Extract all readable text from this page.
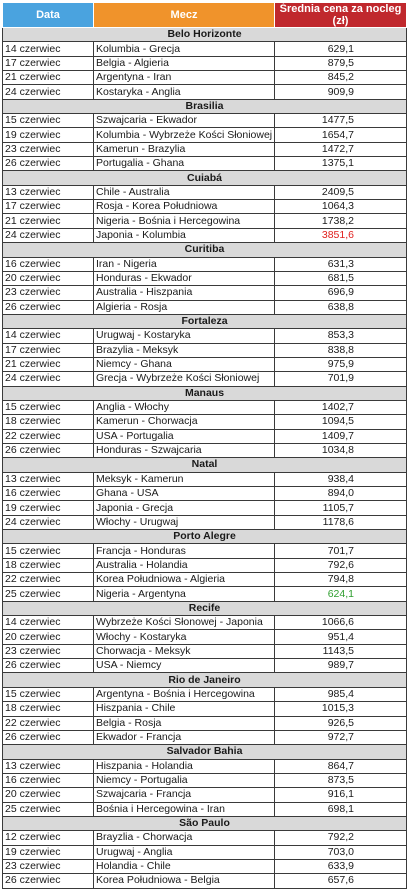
Data	Mecz	Średnia cena za nocleg (zł)
Belo Horizonte		
14 czerwiec	Kolumbia - Grecja	629,1
17 czerwiec	Belgia - Algieria	879,5
21 czerwiec	Argentyna - Iran	845,2
24 czerwiec	Kostaryka - Anglia	909,9
Brasilia		
15 czerwiec	Szwajcaria - Ekwador	1477,5
19 czerwiec	Kolumbia - Wybrzeże Kości Słoniowej	1654,7
23 czerwiec	Kamerun - Brazylia	1472,7
26 czerwiec	Portugalia - Ghana	1375,1
Cuiabá		
13 czerwiec	Chile - Australia	2409,5
17 czerwiec	Rosja - Korea Południowa	1064,3
21 czerwiec	Nigeria - Bośnia i Hercegowina	1738,2
24 czerwiec	Japonia - Kolumbia	3851,6
Curitiba		
16 czerwiec	Iran - Nigeria	631,3
20 czerwiec	Honduras - Ekwador	681,5
23 czerwiec	Australia - Hiszpania	696,9
26 czerwiec	Algieria - Rosja	638,8
Fortaleza		
14 czerwiec	Urugwaj - Kostaryka	853,3
17 czerwiec	Brazylia - Meksyk	838,8
21 czerwiec	Niemcy - Ghana	975,9
24 czerwiec	Grecja - Wybrzeże Kości Słoniowej	701,9
Manaus		
15 czerwiec	Anglia - Włochy	1402,7
18 czerwiec	Kamerun - Chorwacja	1094,5
22 czerwiec	USA - Portugalia	1409,7
26 czerwiec	Honduras - Szwajcaria	1034,8
Natal		
13 czerwiec	Meksyk - Kamerun	938,4
16 czerwiec	Ghana - USA	894,0
19 czerwiec	Japonia - Grecja	1105,7
24 czerwiec	Włochy - Urugwaj	1178,6
Porto Alegre		
15 czerwiec	Francja - Honduras	701,7
18 czerwiec	Australia - Holandia	792,6
22 czerwiec	Korea Południowa - Algieria	794,8
25 czerwiec	Nigeria - Argentyna	624,1
Recife		
14 czerwiec	Wybrzeże Kości Słonowej - Japonia	1066,6
20 czerwiec	Włochy - Kostaryka	951,4
23 czerwiec	Chorwacja - Meksyk	1143,5
26 czerwiec	USA - Niemcy	989,7
Rio de Janeiro		
15 czerwiec	Argentyna - Bośnia i Hercegowina	985,4
18 czerwiec	Hiszpania - Chile	1015,3
22 czerwiec	Belgia - Rosja	926,5
26 czerwiec	Ekwador - Francja	972,7
Salvador Bahia		
13 czerwiec	Hiszpania - Holandia	864,7
16 czerwiec	Niemcy - Portugalia	873,5
20 czerwiec	Szwajcaria - Francja	916,1
25 czerwiec	Bośnia i Hercegowina - Iran	698,1
São Paulo		
12 czerwiec	Brayzlia - Chorwacja	792,2
19 czerwiec	Urugwaj - Anglia	703,0
23 czerwiec	Holandia - Chile	633,9
26 czerwiec	Korea Południowa - Belgia	657,6
